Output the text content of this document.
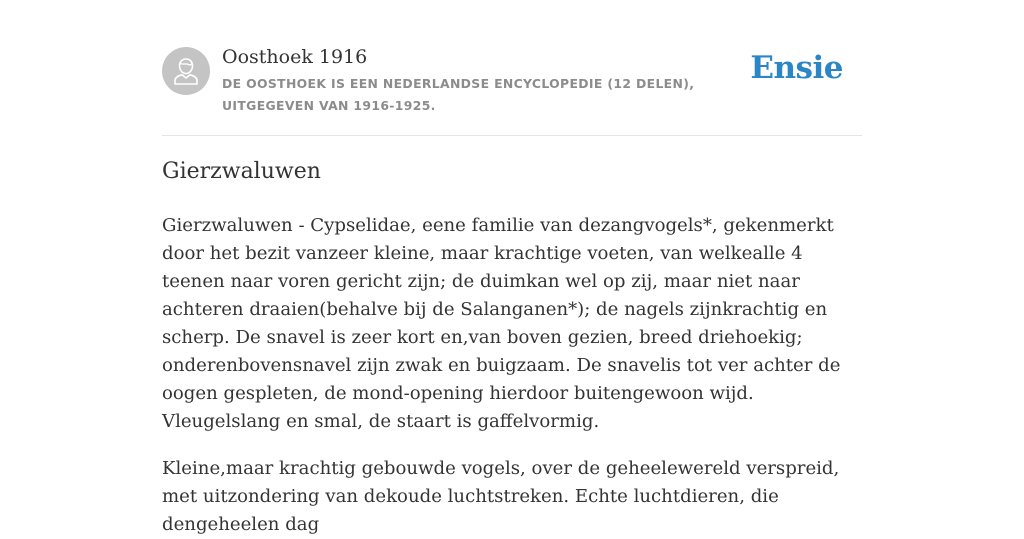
Oosthoek 1916
DE OOSTHOEK IS EEN NEDERLANDSE ENCYCLOPEDIE (12 DELEN), UITGEGEVEN VAN 1916-1925.
Ensie
Gierzwaluwen

Gierzwaluwen - Cypselidae, eene familie van dezangvogels*, gekenmerkt door het bezit vanzeer kleine, maar krachtige voeten, van welkealle 4 teenen naar voren gericht zijn; de duimkan wel op zij, maar niet naar achteren draaien(behalve bij de Salanganen*); de nagels zijnkrachtig en scherp. De snavel is zeer kort en,van boven gezien, breed driehoekig; onderenbovensnavel zijn zwak en buigzaam. De snavelis tot ver achter de oogen gespleten, de mond-opening hierdoor buitengewoon wijd. Vleugelslang en smal, de staart is gaffelvormig.

Kleine,maar krachtig gebouwde vogels, over de geheelewereld verspreid, met uitzondering van dekoude luchtstreken. Echte luchtdieren, die dengeheelen dag
